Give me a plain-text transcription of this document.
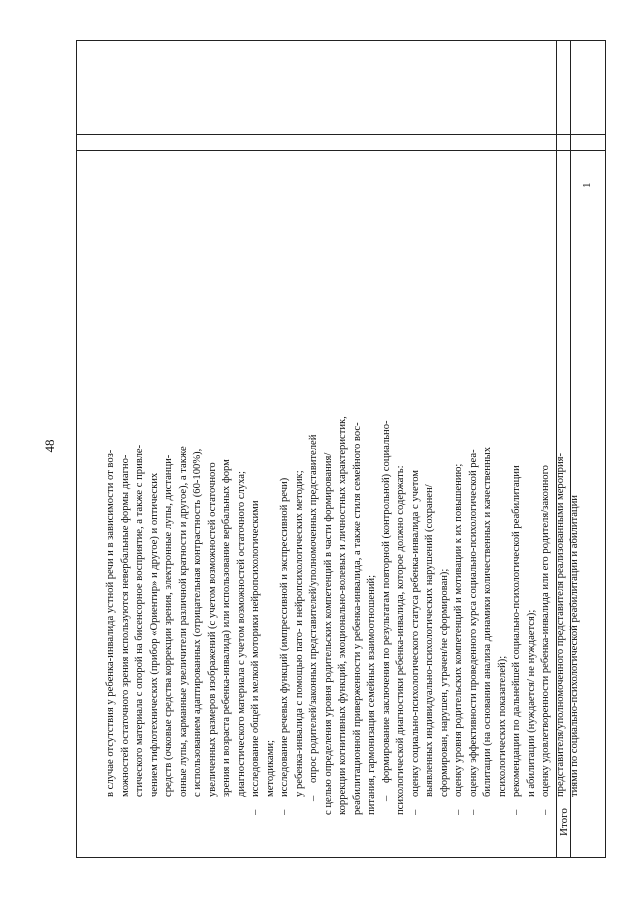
48
в случае отсутствия у ребенка-инвалида устной речи и в зависимости от воз- можностей остаточного зрения используются невербальные формы диагно- стического материала с опорой на бисенсорное восприятие, а также с привле- чением тифлотехнических (прибор «Ориентир» и другое) и оптических средств (очковые средства коррекции зрения, электронные лупы, дистанци- онные лупы, карманные увеличители различной кратности и другое), а также с использованием адаптированных (отрицательная контрастность (60-100%), увеличенных размеров изображений (с учетом возможностей остаточного зрения и возраста ребенка-инвалида) или использование вербальных форм диагностического материала с учетом возможностей остаточного слуха;
–исследование общей и мелкой моторики нейропсихологическими методиками;
–исследование речевых функций (импрессивной и экспрессивной речи) у ребенка-инвалида с помощью пато- и нейропсихологических методик;
–опрос родителей/законных представителей/уполномоченных представителей с целью определения уровня родительских компетенций в части формирования/ коррекции когнитивных функций, эмоционально-волевых и личностных характеристик, реабилитационной приверженности у ребенка-инвалида, а также стиля семейного вос- питания, гармонизация семейных взаимоотношений; –формирование заключения по результатам повторной (контрольной) социально- психологической диагностики ребенка-инвалида, которое должно содержать: –оценку социально-психологического статуса ребенка-инвалида с учетом выявленных индивидуально-психологических нарушений (сохранен/ сформирован, нарушен, утрачен/не сформирован);
–оценку уровня родительских компетенций и мотивации к их повышению;
–оценку эффективности проведенного курса социально-психологической реа- билитации (на основании анализа динамики количественных и качественных психологических показателей);
–рекомендации по дальнейшей социально-психологической реабилитации и абилитации (нуждается/ не нуждается);
–оценку удовлетворенности ребенка-инвалида или его родителя/законного представителя/уполномоченного представителя реализованными мероприя- тиями по социально-психологической реабилитации и абилитации
Итого
1
